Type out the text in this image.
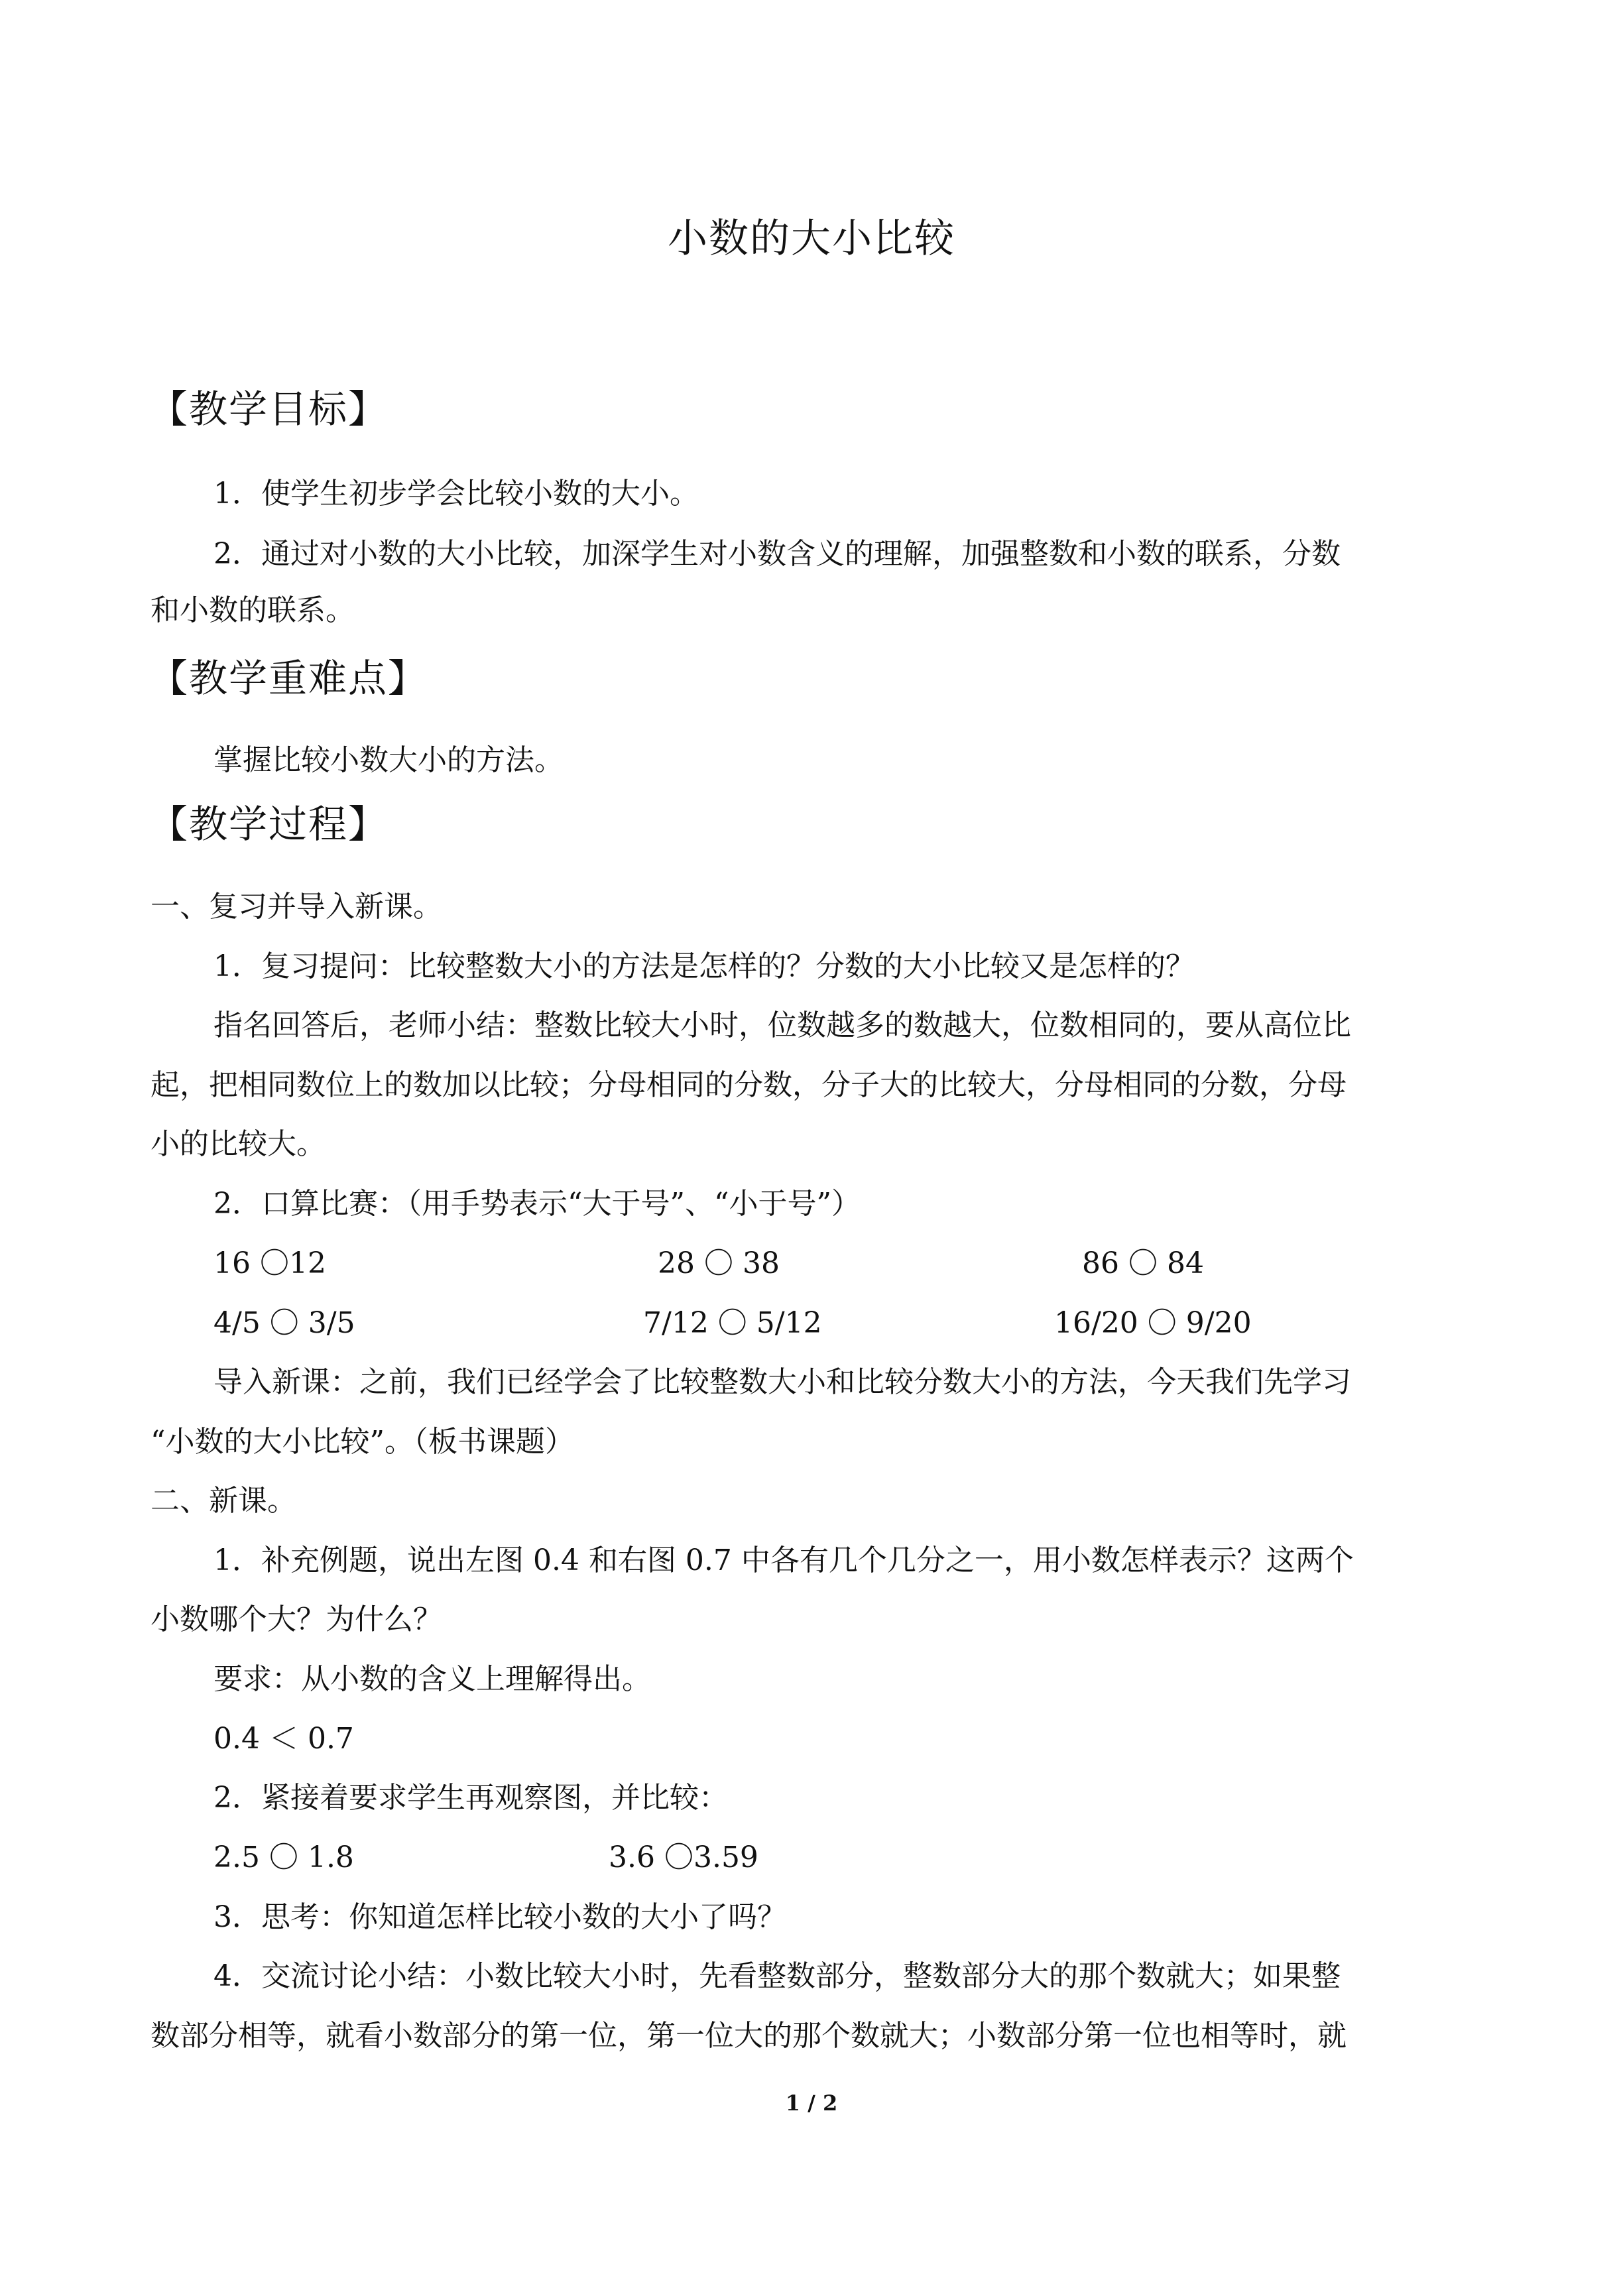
小数的大小比较
【教学目标】
1．使学生初步学会比较小数的大小。
2．通过对小数的大小比较，加深学生对小数含义的理解，加强整数和小数的联系，分数
和小数的联系。
【教学重难点】
掌握比较小数大小的方法。
【教学过程】
一、复习并导入新课。
1．复习提问：比较整数大小的方法是怎样的？分数的大小比较又是怎样的？
指名回答后，老师小结：整数比较大小时，位数越多的数越大，位数相同的，要从高位比
起，把相同数位上的数加以比较；分母相同的分数，分子大的比较大，分母相同的分数，分母
小的比较大。
2．口算比赛：（用手势表示“大于号”、“小于号”）
16 〇12	28 〇 38	86 〇 84
4/5 〇 3/5	7/12 〇 5/12	16/20 〇 9/20
导入新课：之前，我们已经学会了比较整数大小和比较分数大小的方法，今天我们先学习
“小数的大小比较”。（板书课题）
二、新课。
1．补充例题，说出左图 0.4 和右图 0.7 中各有几个几分之一，用小数怎样表示？这两个
小数哪个大？为什么？
要求：从小数的含义上理解得出。
0.4 ＜ 0.7
2．紧接着要求学生再观察图，并比较：
2.5 〇 1.8	3.6 〇3.59
3．思考：你知道怎样比较小数的大小了吗？
4．交流讨论小结：小数比较大小时，先看整数部分，整数部分大的那个数就大；如果整
数部分相等，就看小数部分的第一位，第一位大的那个数就大；小数部分第一位也相等时，就
1 / 2
